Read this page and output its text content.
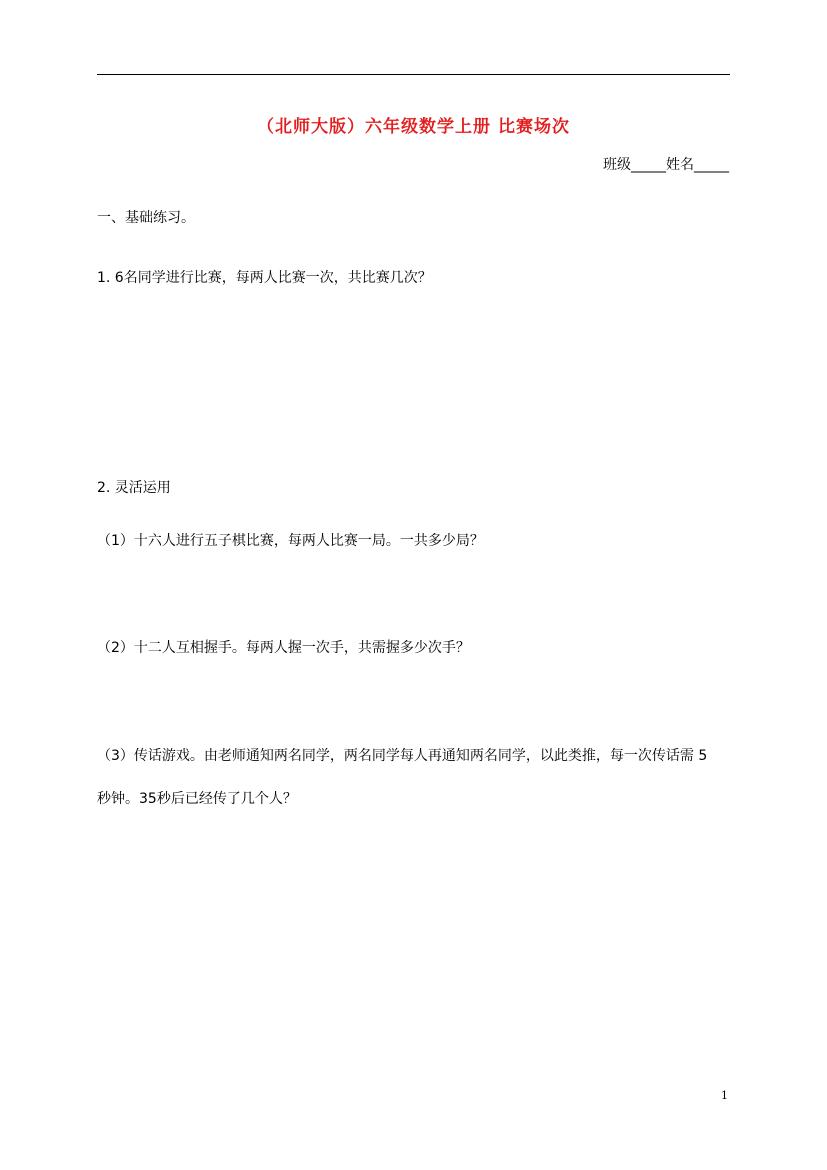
（北师大版）六年级数学上册 比赛场次
班级_____姓名_____
一、基础练习。
1. 6名同学进行比赛，每两人比赛一次，共比赛几次？
2. 灵活运用
（1）十六人进行五子棋比赛，每两人比赛一局。一共多少局？
（2）十二人互相握手。每两人握一次手，共需握多少次手？
（3）传话游戏。由老师通知两名同学，两名同学每人再通知两名同学，以此类推，每一次传话需 5
秒钟。35秒后已经传了几个人？
1
